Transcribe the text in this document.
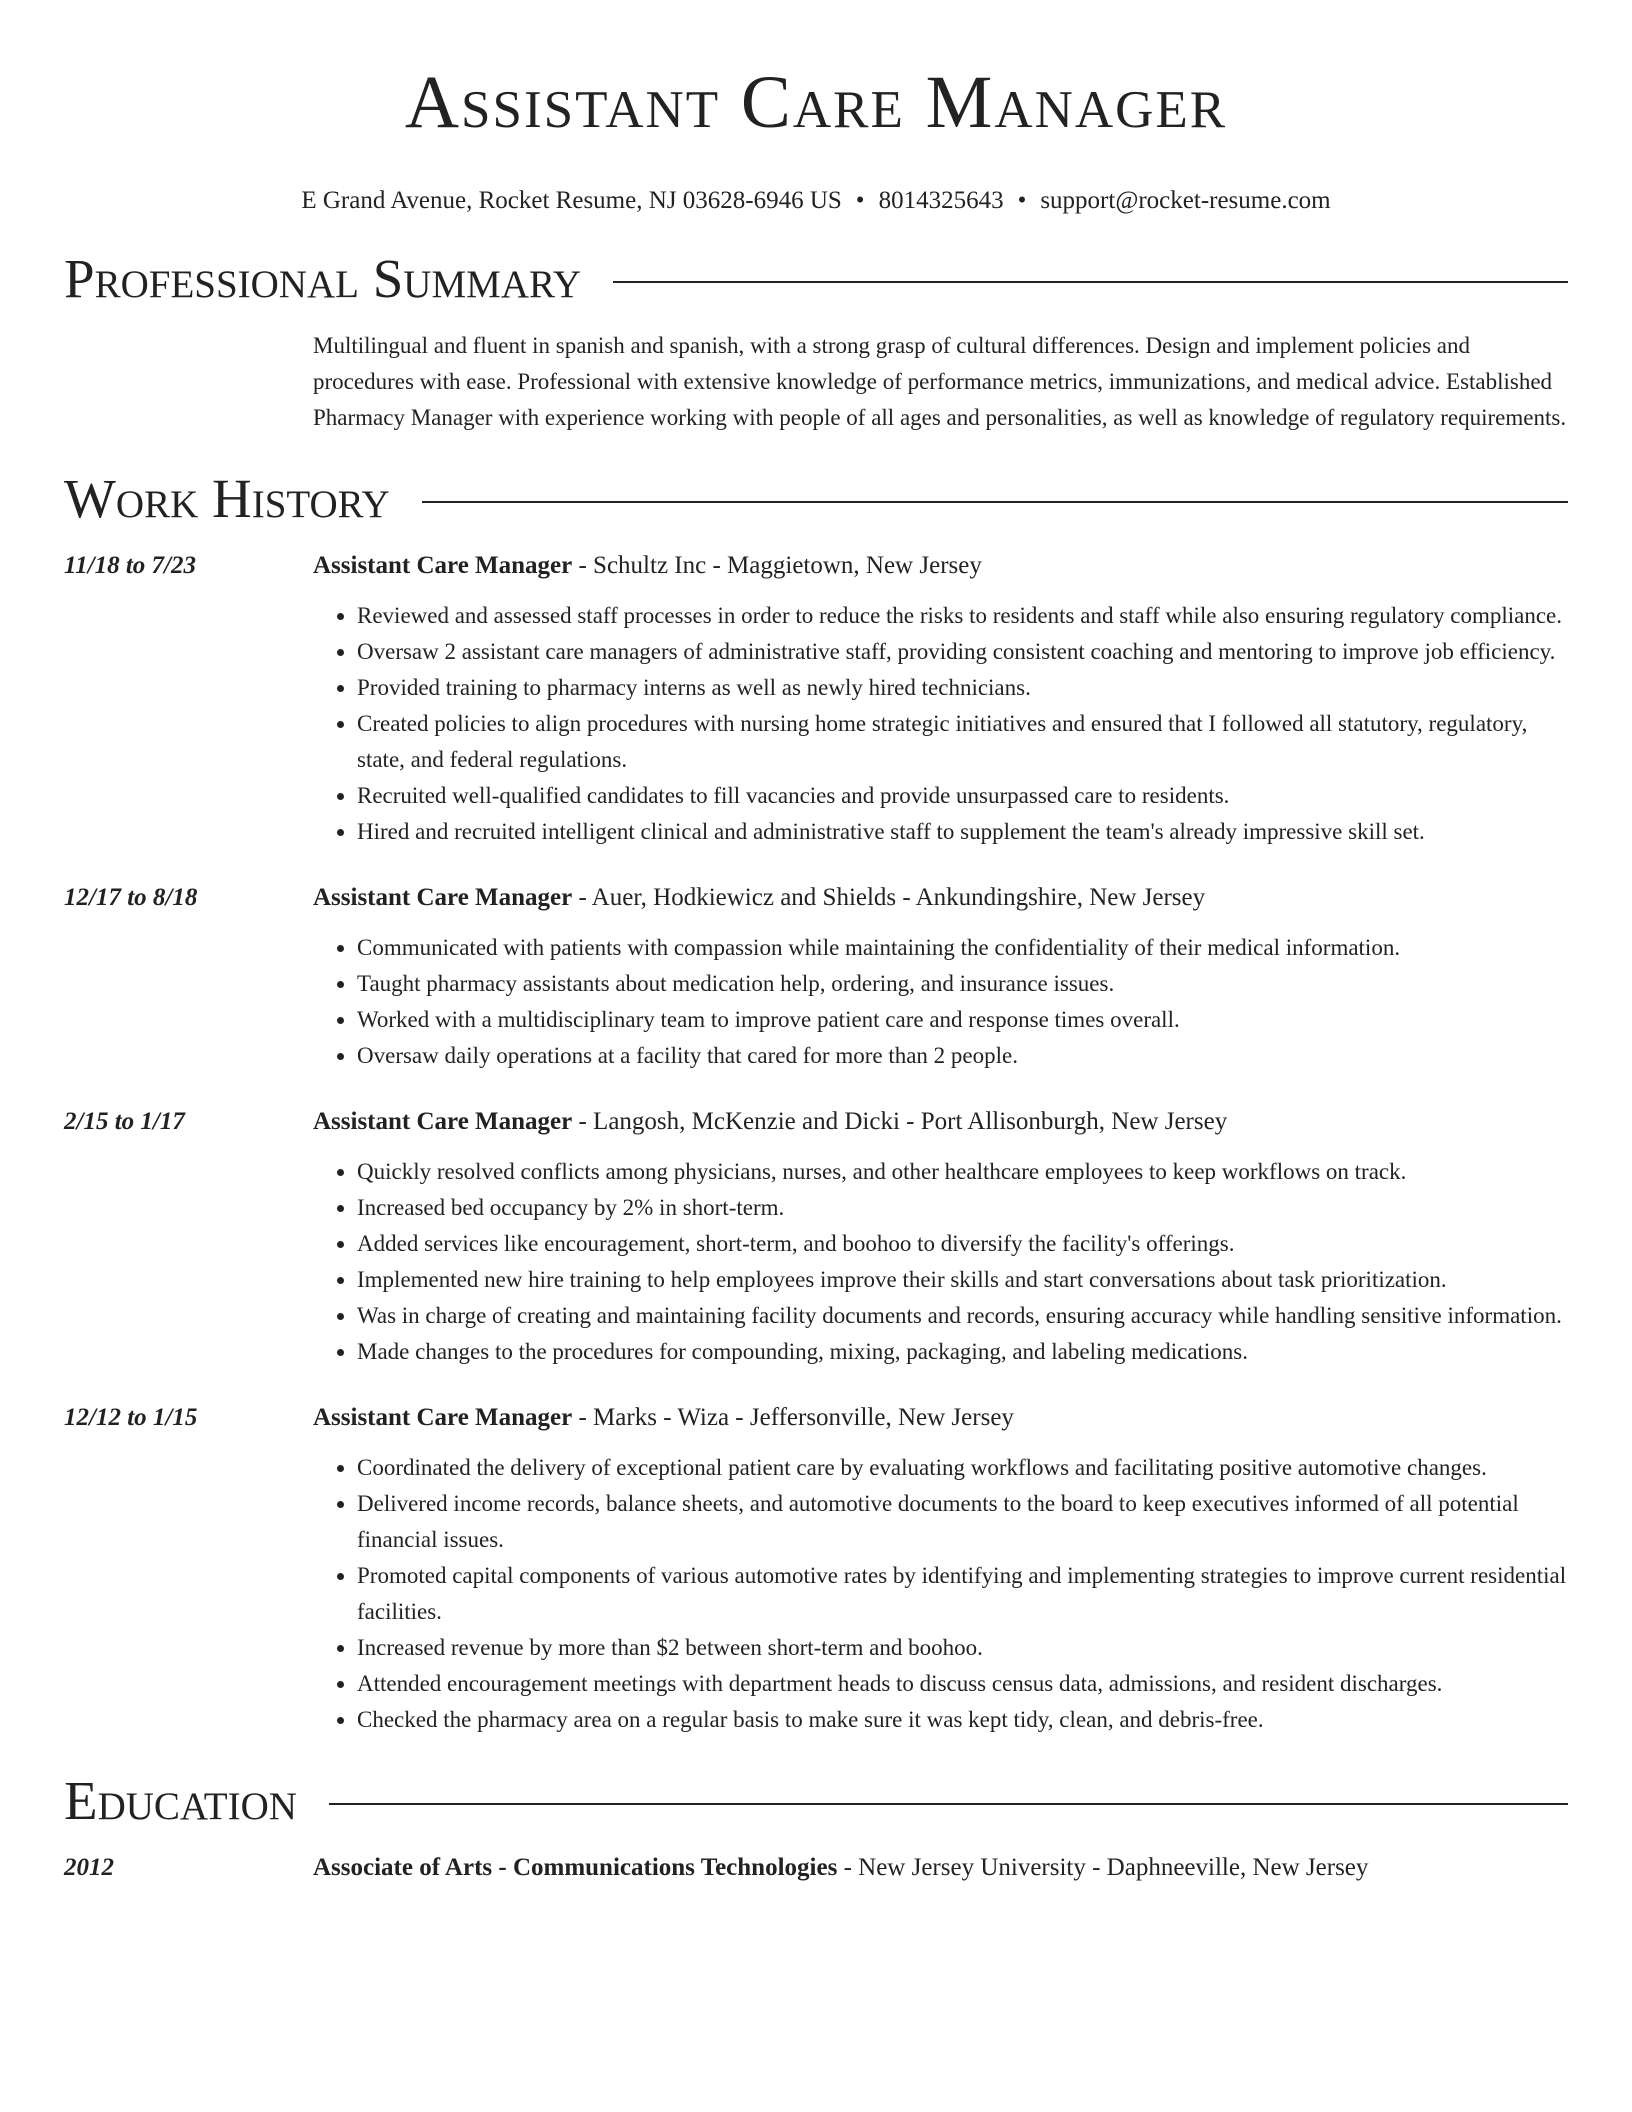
Assistant Care Manager
E Grand Avenue, Rocket Resume, NJ 03628-6946 US • 8014325643 • support@rocket-resume.com
Professional Summary
Multilingual and fluent in spanish and spanish, with a strong grasp of cultural differences. Design and implement policies and procedures with ease. Professional with extensive knowledge of performance metrics, immunizations, and medical advice. Established Pharmacy Manager with experience working with people of all ages and personalities, as well as knowledge of regulatory requirements.
Work History
11/18 to 7/23	Assistant Care Manager - Schultz Inc - Maggietown, New Jersey
• Reviewed and assessed staff processes in order to reduce the risks to residents and staff while also ensuring regulatory compliance.
• Oversaw 2 assistant care managers of administrative staff, providing consistent coaching and mentoring to improve job efficiency.
• Provided training to pharmacy interns as well as newly hired technicians.
• Created policies to align procedures with nursing home strategic initiatives and ensured that I followed all statutory, regulatory, state, and federal regulations.
• Recruited well-qualified candidates to fill vacancies and provide unsurpassed care to residents.
• Hired and recruited intelligent clinical and administrative staff to supplement the team's already impressive skill set.
12/17 to 8/18	Assistant Care Manager - Auer, Hodkiewicz and Shields - Ankundingshire, New Jersey
• Communicated with patients with compassion while maintaining the confidentiality of their medical information.
• Taught pharmacy assistants about medication help, ordering, and insurance issues.
• Worked with a multidisciplinary team to improve patient care and response times overall.
• Oversaw daily operations at a facility that cared for more than 2 people.
2/15 to 1/17	Assistant Care Manager - Langosh, McKenzie and Dicki - Port Allisonburgh, New Jersey
• Quickly resolved conflicts among physicians, nurses, and other healthcare employees to keep workflows on track.
• Increased bed occupancy by 2% in short-term.
• Added services like encouragement, short-term, and boohoo to diversify the facility's offerings.
• Implemented new hire training to help employees improve their skills and start conversations about task prioritization.
• Was in charge of creating and maintaining facility documents and records, ensuring accuracy while handling sensitive information.
• Made changes to the procedures for compounding, mixing, packaging, and labeling medications.
12/12 to 1/15	Assistant Care Manager - Marks - Wiza - Jeffersonville, New Jersey
• Coordinated the delivery of exceptional patient care by evaluating workflows and facilitating positive automotive changes.
• Delivered income records, balance sheets, and automotive documents to the board to keep executives informed of all potential financial issues.
• Promoted capital components of various automotive rates by identifying and implementing strategies to improve current residential facilities.
• Increased revenue by more than $2 between short-term and boohoo.
• Attended encouragement meetings with department heads to discuss census data, admissions, and resident discharges.
• Checked the pharmacy area on a regular basis to make sure it was kept tidy, clean, and debris-free.
Education
2012	Associate of Arts - Communications Technologies - New Jersey University - Daphneeville, New Jersey
